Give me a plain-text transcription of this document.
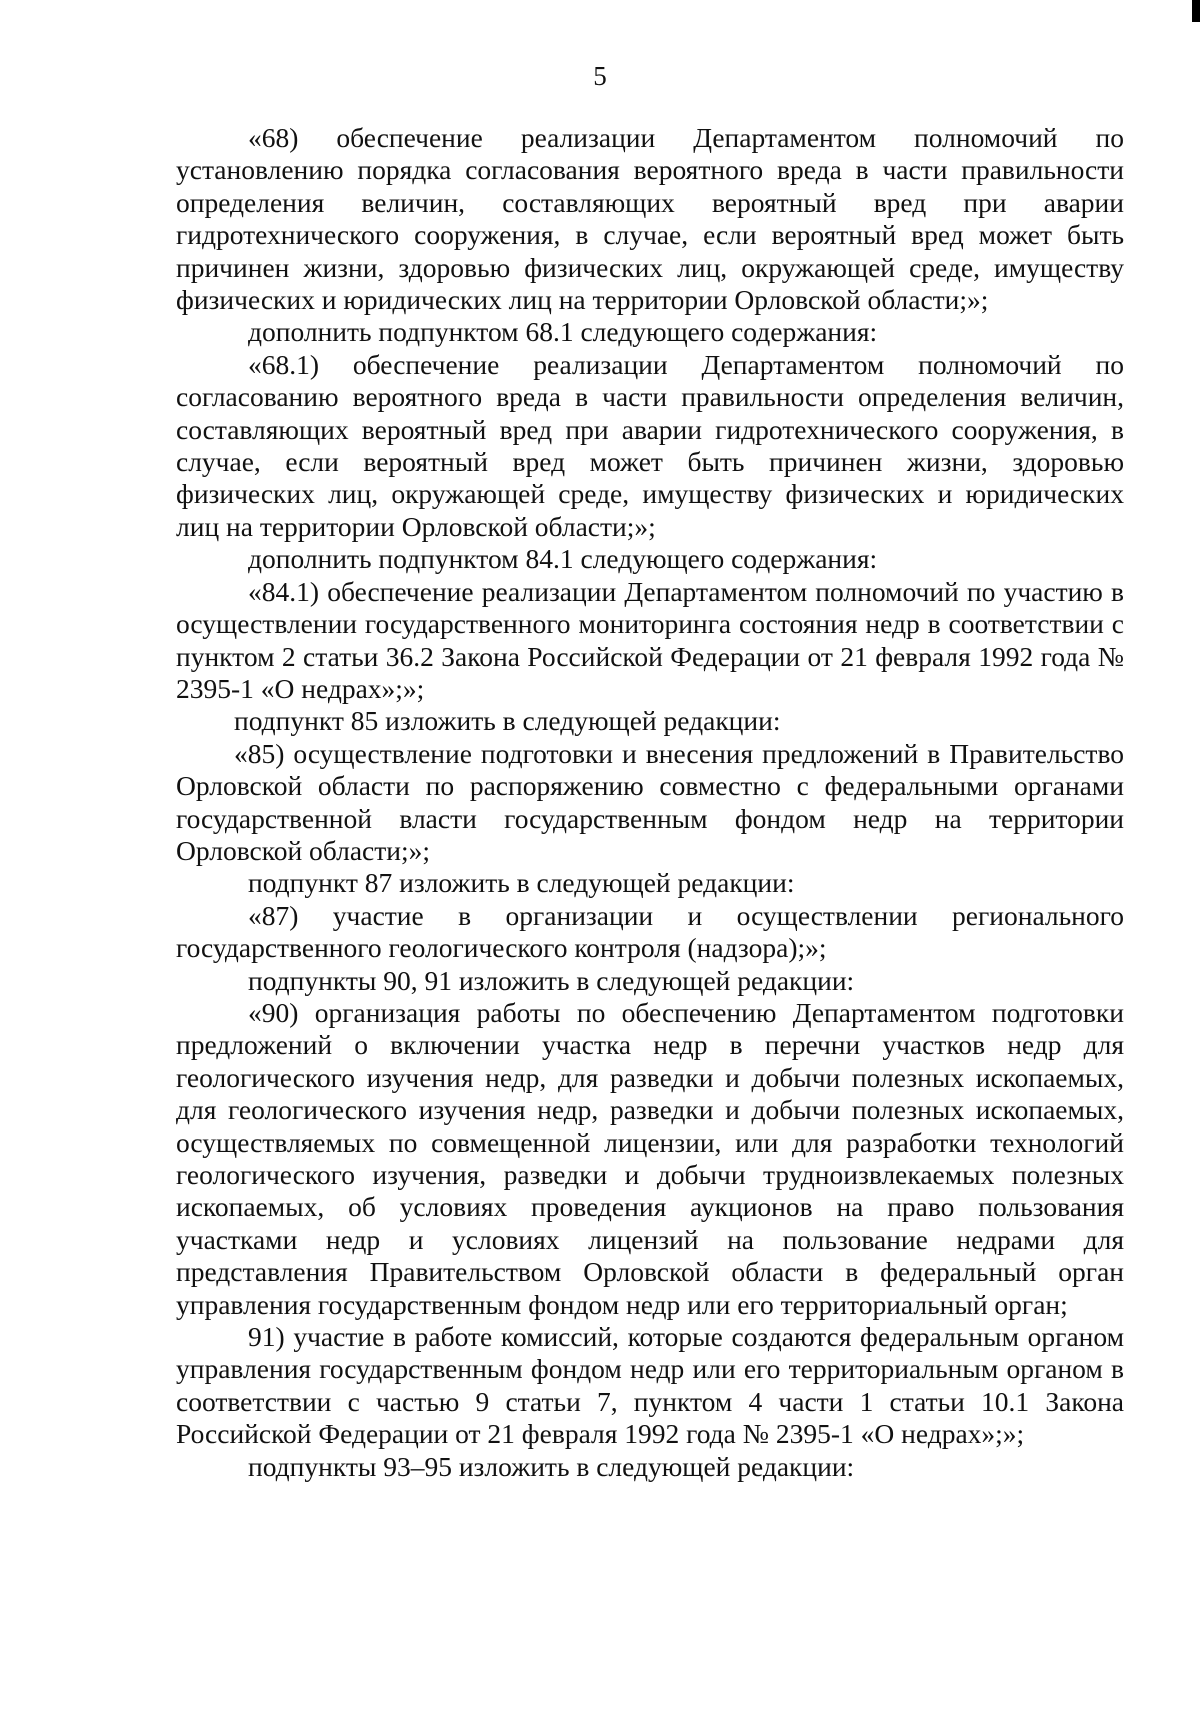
5

«68) обеспечение реализации Департаментом полномочий по установлению порядка согласования вероятного вреда в части правильности определения величин, составляющих вероятный вред при аварии гидротехнического сооружения, в случае, если вероятный вред может быть причинен жизни, здоровью физических лиц, окружающей среде, имуществу физических и юридических лиц на территории Орловской области;»;

дополнить подпунктом 68.1 следующего содержания:

«68.1) обеспечение реализации Департаментом полномочий по согласованию вероятного вреда в части правильности определения величин, составляющих вероятный вред при аварии гидротехнического сооружения, в случае, если вероятный вред может быть причинен жизни, здоровью физических лиц, окружающей среде, имуществу физических и юридических лиц на территории Орловской области;»;

дополнить подпунктом 84.1 следующего содержания:

«84.1) обеспечение реализации Департаментом полномочий по участию в осуществлении государственного мониторинга состояния недр в соответствии с пунктом 2 статьи 36.2 Закона Российской Федерации от 21 февраля 1992 года № 2395-1 «О недрах»;»;

подпункт 85 изложить в следующей редакции:

«85) осуществление подготовки и внесения предложений в Правительство Орловской области по распоряжению совместно с федеральными органами государственной власти государственным фондом недр на территории Орловской области;»;

подпункт 87 изложить в следующей редакции:

«87) участие в организации и осуществлении регионального государственного геологического контроля (надзора);»;

подпункты 90, 91 изложить в следующей редакции:

«90) организация работы по обеспечению Департаментом подготовки предложений о включении участка недр в перечни участков недр для геологического изучения недр, для разведки и добычи полезных ископаемых, для геологического изучения недр, разведки и добычи полезных ископаемых, осуществляемых по совмещенной лицензии, или для разработки технологий геологического изучения, разведки и добычи трудноизвлекаемых полезных ископаемых, об условиях проведения аукционов на право пользования участками недр и условиях лицензий на пользование недрами для представления Правительством Орловской области в федеральный орган управления государственным фондом недр или его территориальный орган;

91) участие в работе комиссий, которые создаются федеральным органом управления государственным фондом недр или его территориальным органом в соответствии с частью 9 статьи 7, пунктом 4 части 1 статьи 10.1 Закона Российской Федерации от 21 февраля 1992 года № 2395-1 «О недрах»;»;

подпункты 93–95 изложить в следующей редакции:
